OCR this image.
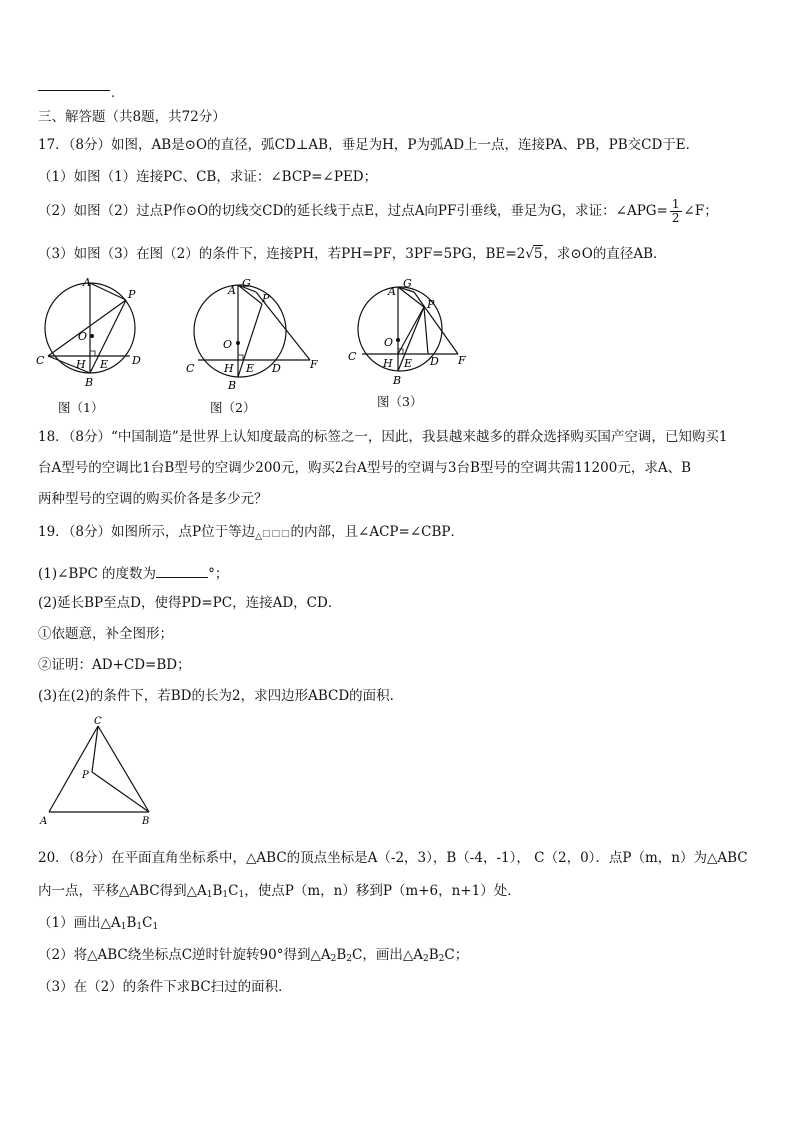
.
三、解答题（共8题，共72分）
17．（8分）如图，AB是⊙O的直径，弧CD⊥AB，垂足为H，P为弧AD上一点，连接PA、PB，PB交CD于E．
（1）如图（1）连接PC、CB，求证：∠BCP=∠PED；
（2）如图（2）过点P作⊙O的切线交CD的延长线于点E，过点A向PF引垂线，垂足为G，求证：∠APG= $\frac{1}{2}$ ∠F；
（3）如图（3）在图（2）的条件下，连接PH，若PH=PF，3PF=5PG，BE=2√5，求⊙O的直径AB．
A
P
O
C	H E D
B
图（1）
A
G
P
O
C	H E D	F
B
图（2）
A
G
P
O
C
H E D F
B
图（3）
18．（8分）“中国制造”是世界上认知度最高的标签之一，因此，我县越来越多的群众选择购买国产空调，已知购买1
台A型号的空调比1台B型号的空调少200元，购买2台A型号的空调与3台B型号的空调共需11200元，求A、B
两种型号的空调的购买价各是多少元？
19．（8分）如图所示，点P位于等边$_\triangle$□□□的内部，且∠ACP=∠CBP．
(1)∠BPC 的度数为	°；
(2)延长BP至点D，使得PD=PC，连接AD，CD．
①依题意，补全图形；
②证明：AD+CD=BD；
(3)在(2)的条件下，若BD的长为2，求四边形ABCD的面积．
C
P
A	B
20．（8分）在平面直角坐标系中，△ABC的顶点坐标是A（-2，3），B（-4，-1）， C（2，0）．点P（m，n）为△ABC
内一点，平移△ABC得到$\triangle A_1B_1C_1$，使点P（m，n）移到P（m+6，n+1）处．
（1）画出$\triangle A_1B_1C_1$
（2）将△ABC绕坐标点C逆时针旋转90°得到$\triangle A_2B_2C$，画出$\triangle A_2B_2C$；
（3）在（2）的条件下求BC扫过的面积．
